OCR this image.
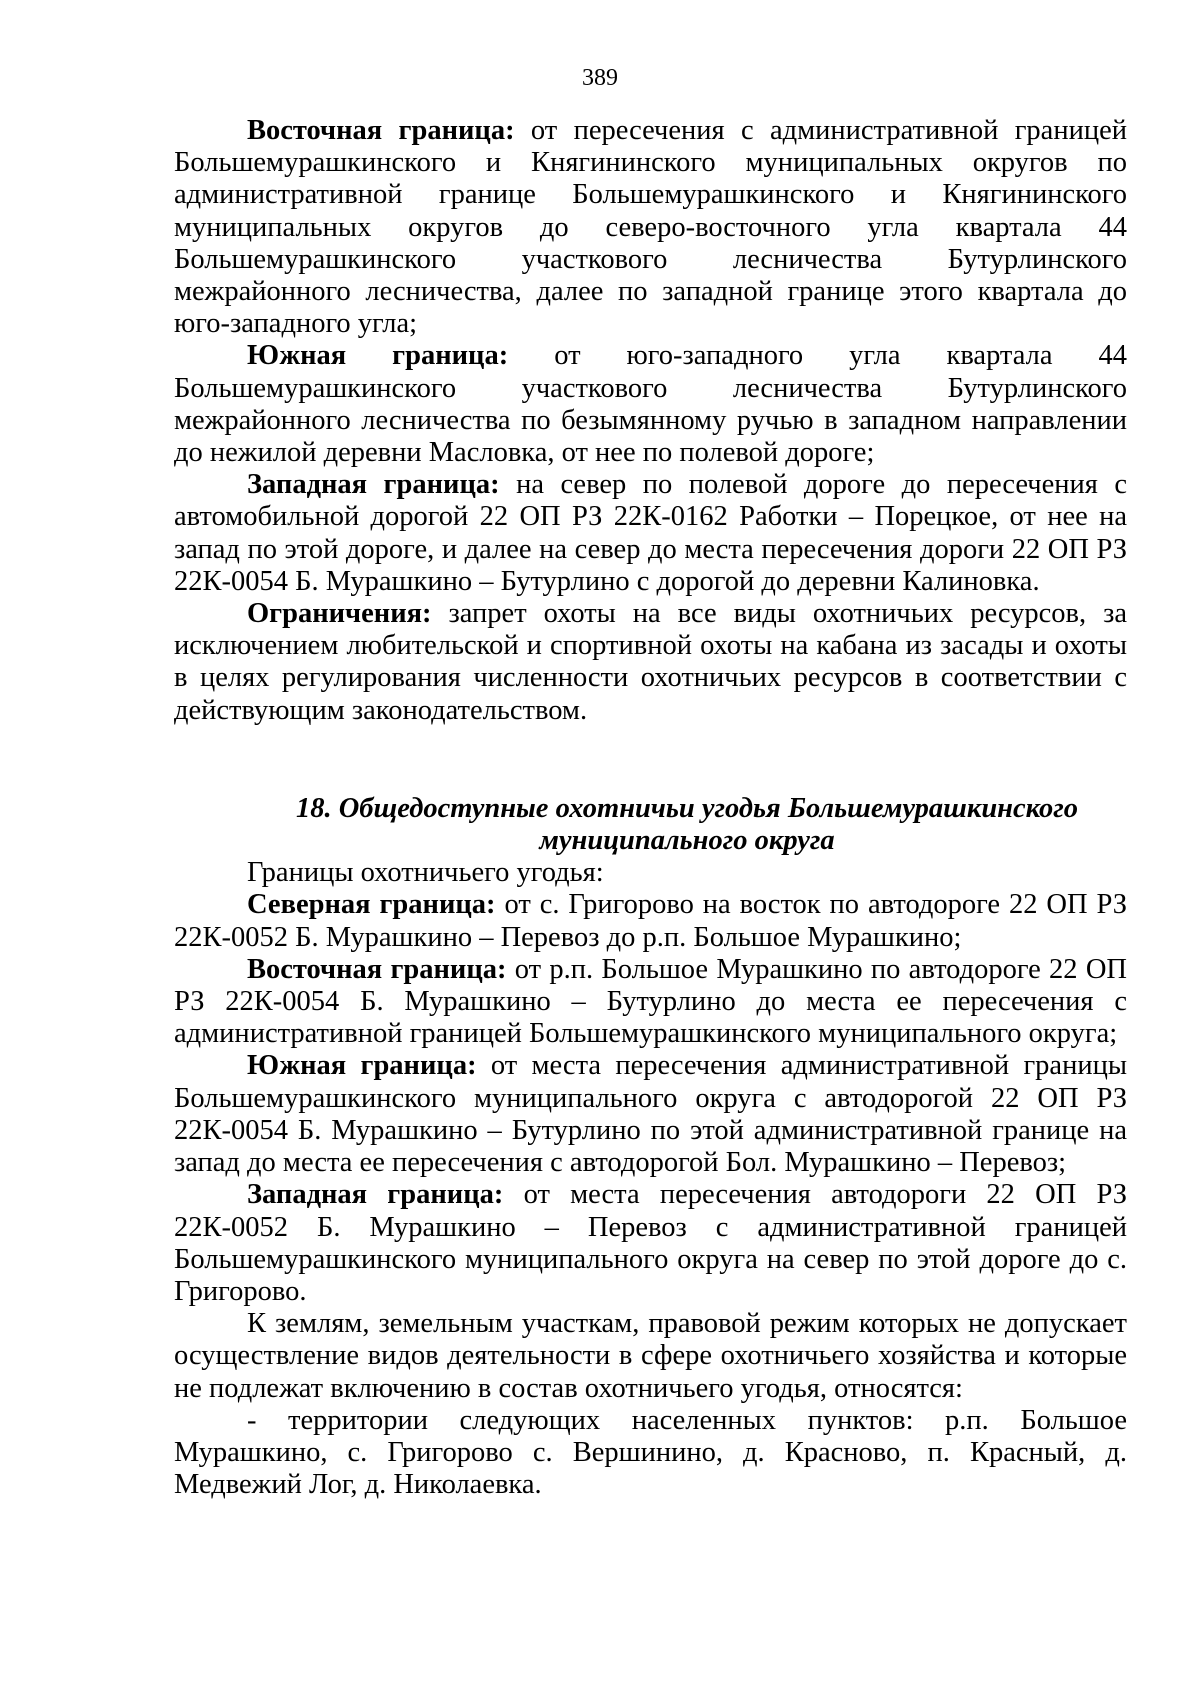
389

Восточная граница: от пересечения с административной границей Большемурашкинского и Княгининского муниципальных округов по административной границе Большемурашкинского и Княгининского муниципальных округов до северо-восточного угла квартала 44 Большемурашкинского участкового лесничества Бутурлинского межрайонного лесничества, далее по западной границе этого квартала до юго-западного угла;

Южная граница: от юго-западного угла квартала 44 Большемурашкинского участкового лесничества Бутурлинского межрайонного лесничества по безымянному ручью в западном направлении до нежилой деревни Масловка, от нее по полевой дороге;

Западная граница: на север по полевой дороге до пересечения с автомобильной дорогой 22 ОП РЗ 22К-0162 Работки – Порецкое, от нее на запад по этой дороге, и далее на север до места пересечения дороги 22 ОП РЗ 22К-0054 Б. Мурашкино – Бутурлино с дорогой до деревни Калиновка.

Ограничения: запрет охоты на все виды охотничьих ресурсов, за исключением любительской и спортивной охоты на кабана из засады и охоты в целях регулирования численности охотничьих ресурсов в соответствии с действующим законодательством.

18. Общедоступные охотничьи угодья Большемурашкинского
муниципального округа

Границы охотничьего угодья:

Северная граница: от с. Григорово на восток по автодороге 22 ОП РЗ 22К-0052 Б. Мурашкино – Перевоз до р.п. Большое Мурашкино;

Восточная граница: от р.п. Большое Мурашкино по автодороге 22 ОП РЗ 22К-0054 Б. Мурашкино – Бутурлино до места ее пересечения с административной границей Большемурашкинского муниципального округа;

Южная граница: от места пересечения административной границы Большемурашкинского муниципального округа с автодорогой 22 ОП РЗ 22К-0054 Б. Мурашкино – Бутурлино по этой административной границе на запад до места ее пересечения с автодорогой Бол. Мурашкино – Перевоз;

Западная граница: от места пересечения автодороги 22 ОП РЗ 22К-0052 Б. Мурашкино – Перевоз с административной границей Большемурашкинского муниципального округа на север по этой дороге до с. Григорово.

К землям, земельным участкам, правовой режим которых не допускает осуществление видов деятельности в сфере охотничьего хозяйства и которые не подлежат включению в состав охотничьего угодья, относятся:

- территории следующих населенных пунктов: р.п. Большое Мурашкино, с. Григорово с. Вершинино, д. Красново, п. Красный, д. Медвежий Лог, д. Николаевка.
